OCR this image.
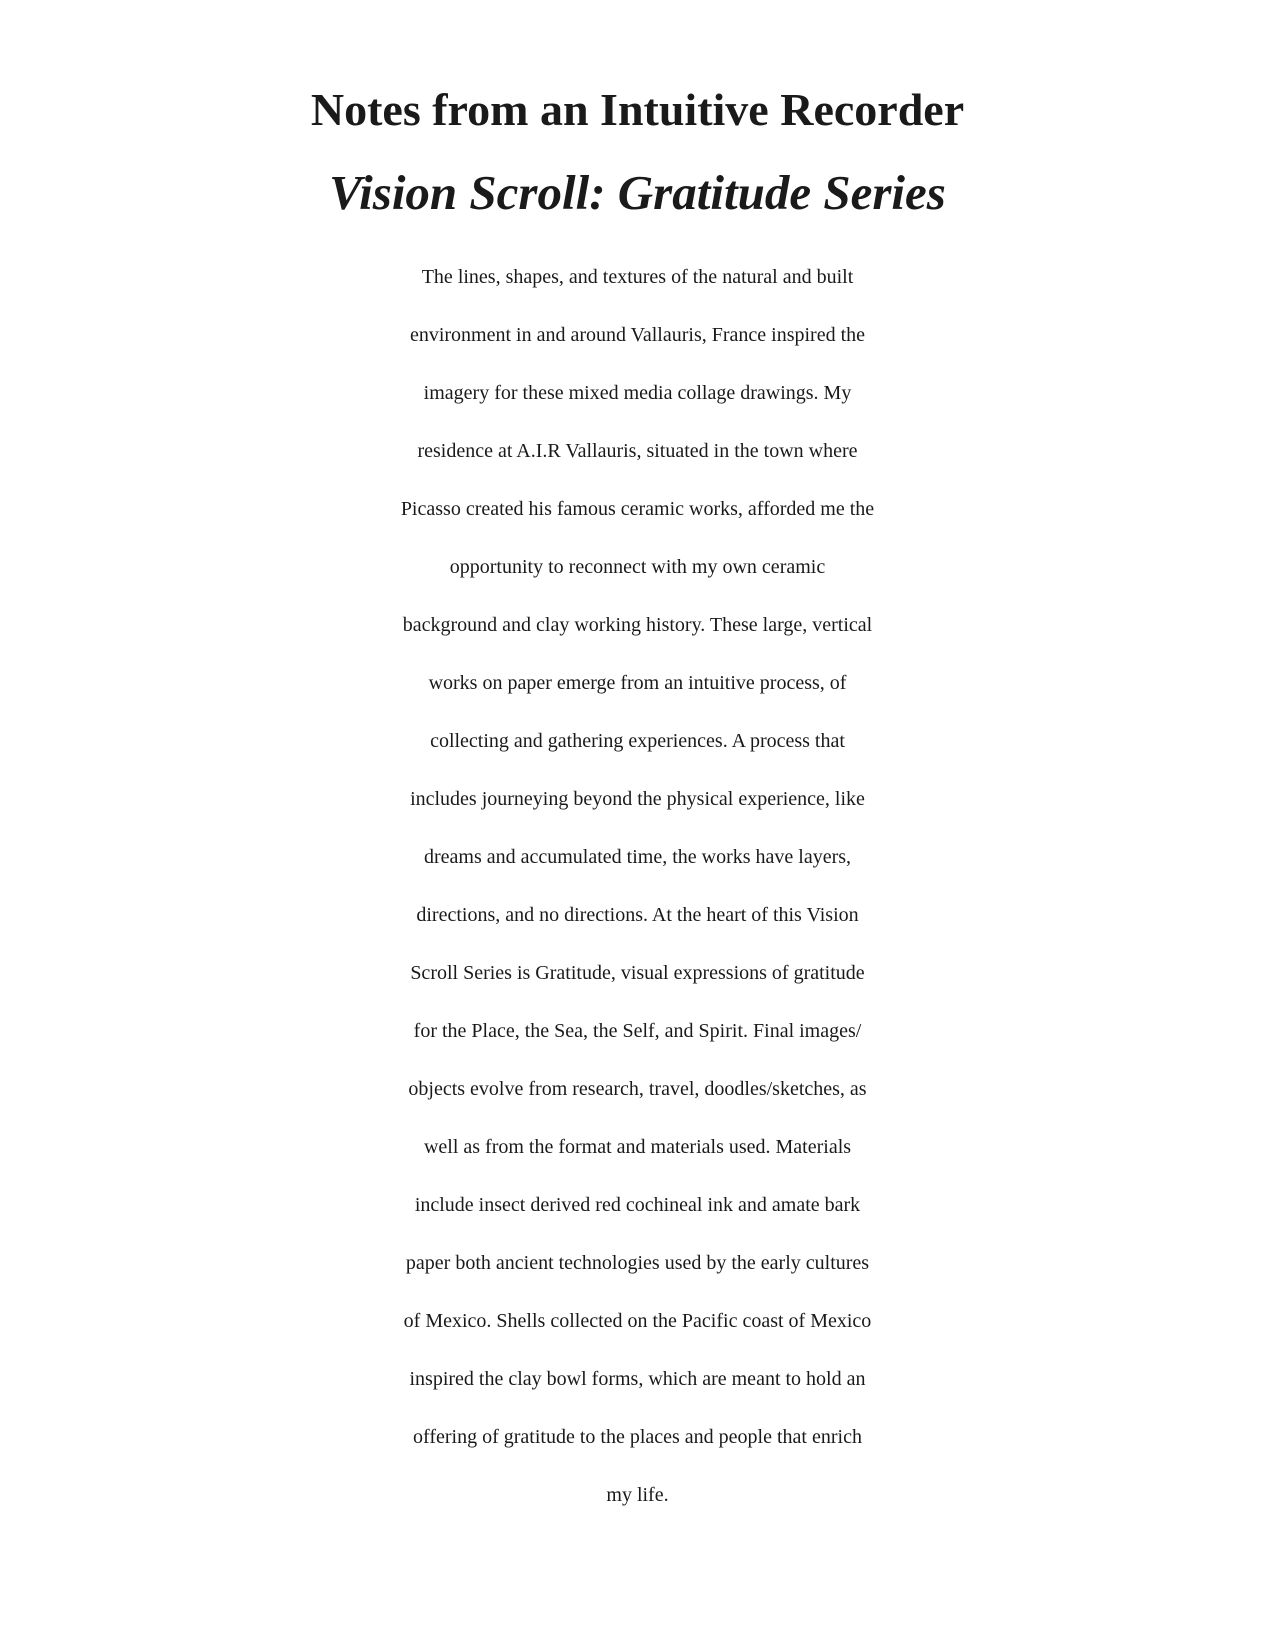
Notes from an Intuitive Recorder
Vision Scroll: Gratitude Series
The lines, shapes, and textures of the natural and built
environment in and around Vallauris, France inspired the
imagery for these mixed media collage drawings. My
residence at A.I.R Vallauris, situated in the town where
Picasso created his famous ceramic works, afforded me the
opportunity to reconnect with my own ceramic
background and clay working history. These large, vertical
works on paper emerge from an intuitive process, of
collecting and gathering experiences. A process that
includes journeying beyond the physical experience, like
dreams and accumulated time, the works have layers,
directions, and no directions. At the heart of this Vision
Scroll Series is Gratitude, visual expressions of gratitude
for the Place, the Sea, the Self, and Spirit. Final images/
objects evolve from research, travel, doodles/sketches, as
well as from the format and materials used. Materials
include insect derived red cochineal ink and amate bark
paper both ancient technologies used by the early cultures
of Mexico. Shells collected on the Pacific coast of Mexico
inspired the clay bowl forms, which are meant to hold an
offering of gratitude to the places and people that enrich
my life.
